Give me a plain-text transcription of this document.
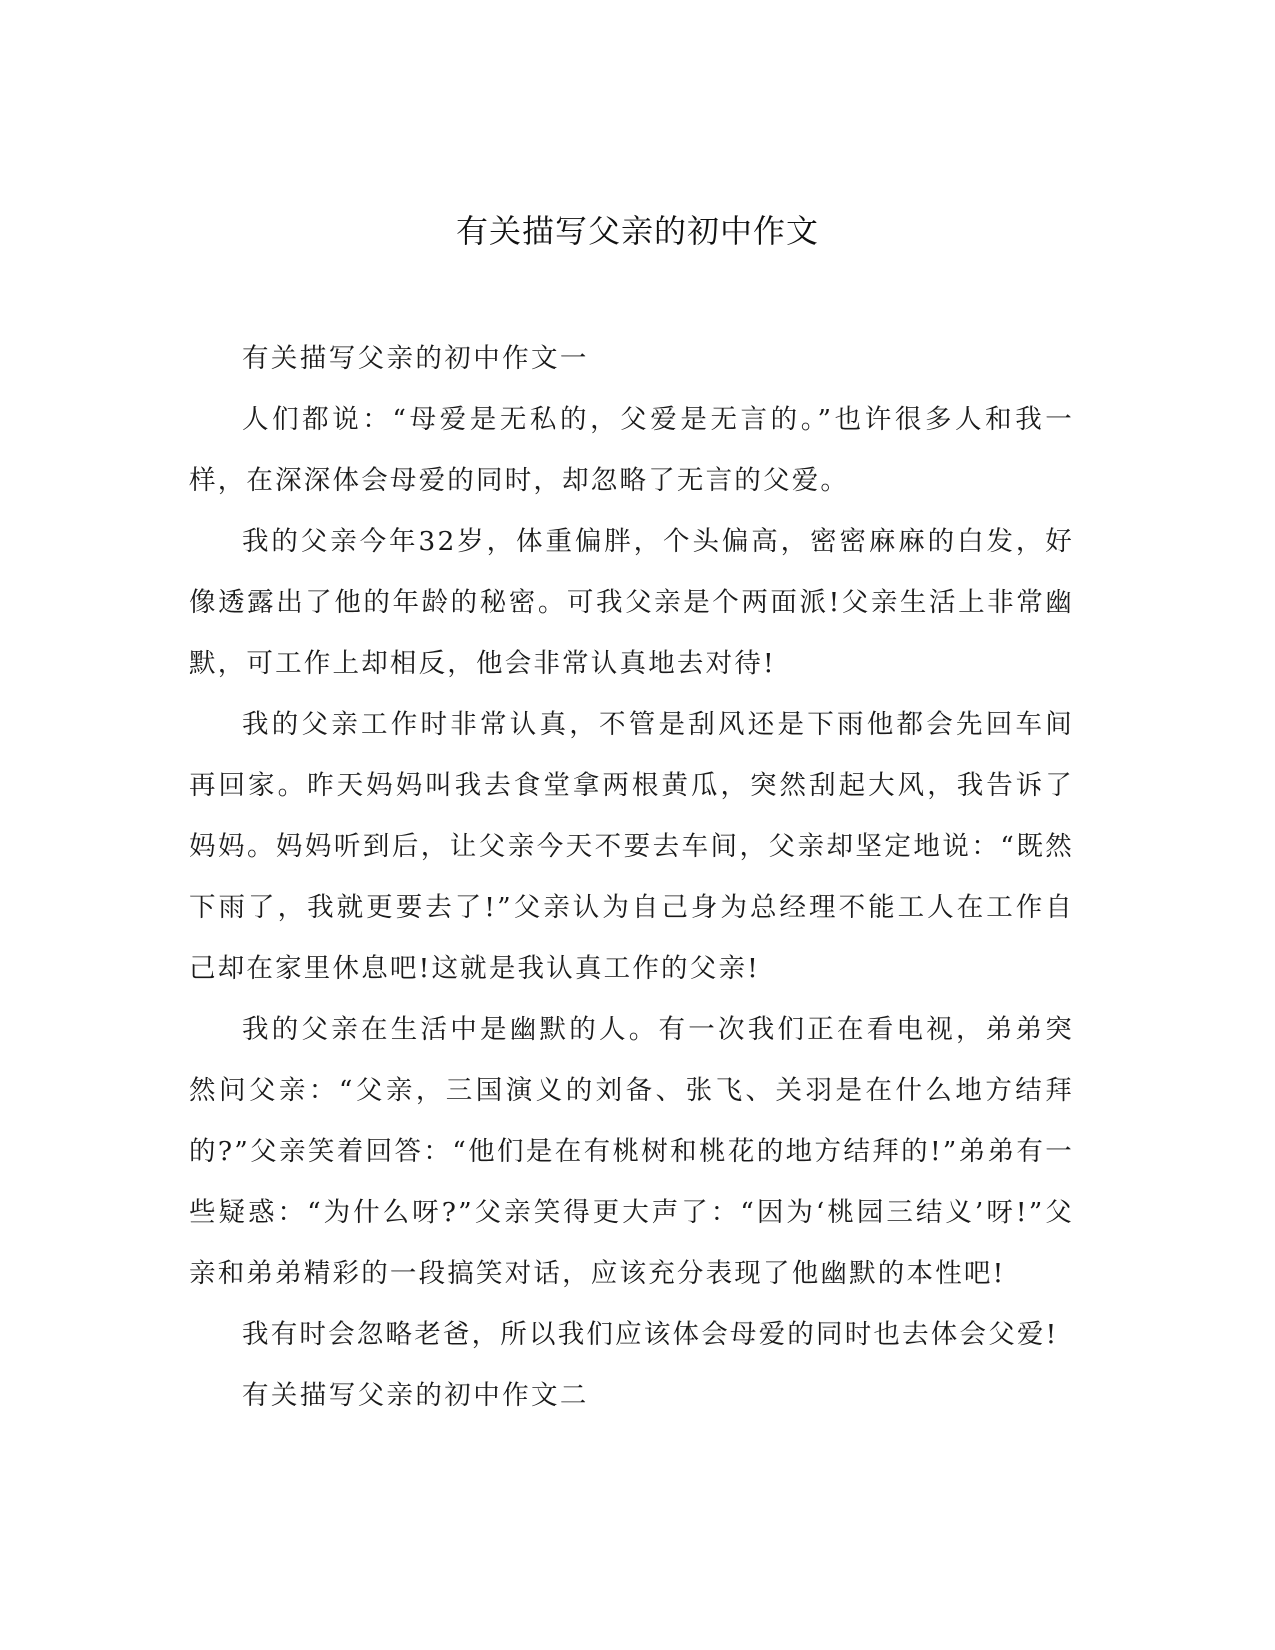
有关描写父亲的初中作文

有关描写父亲的初中作文一

人们都说：“母爱是无私的，父爱是无言的。”也许很多人和我一样，在深深体会母爱的同时，却忽略了无言的父爱。

我的父亲今年32岁，体重偏胖，个头偏高，密密麻麻的白发，好像透露出了他的年龄的秘密。可我父亲是个两面派!父亲生活上非常幽默，可工作上却相反，他会非常认真地去对待!

我的父亲工作时非常认真，不管是刮风还是下雨他都会先回车间再回家。昨天妈妈叫我去食堂拿两根黄瓜，突然刮起大风，我告诉了妈妈。妈妈听到后，让父亲今天不要去车间，父亲却坚定地说：“既然下雨了，我就更要去了!”父亲认为自己身为总经理不能工人在工作自己却在家里休息吧!这就是我认真工作的父亲!

我的父亲在生活中是幽默的人。有一次我们正在看电视，弟弟突然问父亲：“父亲，三国演义的刘备、张飞、关羽是在什么地方结拜的?”父亲笑着回答：“他们是在有桃树和桃花的地方结拜的!”弟弟有一些疑惑：“为什么呀?”父亲笑得更大声了：“因为‘桃园三结义’呀!”父亲和弟弟精彩的一段搞笑对话，应该充分表现了他幽默的本性吧!

我有时会忽略老爸，所以我们应该体会母爱的同时也去体会父爱!

有关描写父亲的初中作文二
